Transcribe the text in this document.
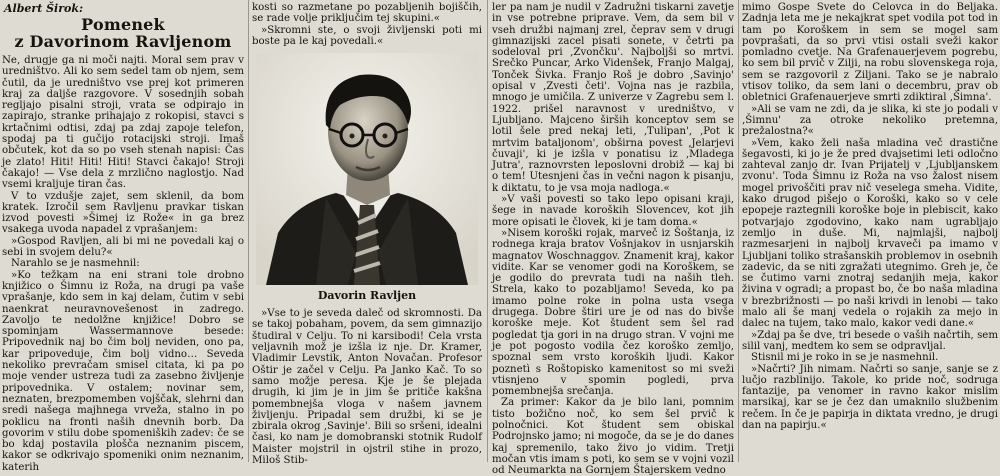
Albert Širok:
Pomenek
z Davorinom Ravljenom

Ne, drugje ga ni moči najti. Moral sem prav v uredništvo. Ali ko sem sedel tam ob njem, sem čutil, da je uredništvo vse prej kot primeren kraj za daljše razgovore. V sosednjih sobah regljajo pisalni stroji, vrata se odpirajo in zapirajo, stranke prihajajo z rokopisi, stavci s krtačnimi odtisi, zdaj pa zdaj zapoje telefon, spodaj pa ti gučijo rotacijski stroji. Imaš občutek, kot da so po vseh stenah napisi: Čas je zlato! Hiti! Hiti! Hiti! Stavci čakajo! Stroji čakajo! — Vse dela z mrzlično naglostjo. Nad vsemi kraljuje tiran čas.

V to vzdušje zajet, sem sklenil, da bom kratek. Izročil sem Ravljenu pravkar tiskan izvod povesti »Šimej iz Rože« in ga brez vsakega uvoda napadel z vprašanjem:

»Gospod Ravljen, ali bi mi ne povedali kaj o sebi in svojem delu?«

Narahlo se je nasmehnil:

»Ko težkam na eni strani tole drobno knjižico o Šimnu iz Roža, na drugi pa vaše vprašanje, kdo sem in kaj delam, čutim v sebi naenkrat neuravnovešenost in zadrego. Zavoljo te nedolžne knjižice! Dobro se spominjam Wassermannove besede: Pripovednik naj bo čim bolj neviden, ono pa, kar pripoveduje, čim bolj vidno… Seveda nekoliko prevračam smisel citata, ki pa po moje vender ustreza tudi za zasebno življenje pripovednika. V ostalem; novinar sem, neznaten, brezpomemben vojščak, slehrni dan sredi našega majhnega vrveža, stalno in po poklicu na fronti naših dnevnih borb. Da govorim v stilu dobe spomeniških zadev: če se bo kdaj postavila plošča neznanim piscem, kakor se odkrivajo spomeniki onim neznanim, katerih

kosti so razmetane po pozabljenih bojiščih, se rade volje priključim tej skupini.«

»Skromni ste, o svoji življenski poti mi boste pa le kaj povedali.«

Davorin Ravljen

»Vse to je seveda daleč od skromnosti. Da se takoj pobaham, povem, da sem gimnazijo študiral v Celju. To ni karsibodi! Cela vrsta veljavnih mož je izšla iz nje. Dr. Kramer, Vladimir Levstik, Anton Novačan. Profesor Oštir je začel v Celju. Pa Janko Kač. To so samo možje peresa. Kje je še plejada drugih, ki jim je in jim še pritiče kakšna pomembnejša vloga v našem javnem življenju. Pripadal sem družbi, ki se je zbirala okrog ‚Savinje'. Bili so sršeni, idealni časi, ko nam je domobranski stotnik Rudolf Maister mojstril in ojstril stihe in prozo, Miloš Stib-

ler pa nam je nudil v Zadružni tiskarni zavetje in vse potrebne priprave. Vem, da sem bil v vseh družbi najmanj zrel, čeprav sem v drugi gimnazijski zacel pisati sonete, v četrti pa sodeloval pri ‚Zvončku'. Najboljši so mrtvi. Srečko Puncar, Arko Videnšek, Franjo Malgaj, Tonček Šivka. Franjo Roš je dobro ‚Savinjo' opisal v ‚Zvesti četi'. Vojna nas je razbila, mnogo je umičila. Z univerze v Zagrebu sem l. 1922. prišel naravnost v uredništvo, v Ljubljano. Majceno širših konceptov sem se lotil šele pred nekaj leti, ‚Tulipan', ‚Pot k mrtvim bataljonom', obširna povest ‚Jelarjevi čuvaji', ki je izšla v ponatisu iz ‚Mladega Jutra', raznovrsten leposlovni drobiž — kaj bi o tem! Utesnjeni čas in večni nagon k pisanju, k diktatu, to je vsa moja nadloga.«

»V vaši povesti so tako lepo opisani kraji, šege in navade koroških Slovencev, kot jih more opisati le človek, ki je tam doma.«

»Nisem koroški rojak, marveč iz Šoštanja, iz rodnega kraja bratov Vošnjakov in usnjarskih magnatov Woschnaggov. Znamenit kraj, kakor vidite. Kar se venomer godi na Koroškem, se je godilo do prevrata tudi na naših tleh. Strela, kako to pozabljamo! Seveda, ko pa imamo polne roke in polna usta vsega drugega. Dobre štiri ure je od nas do bivše koroške meje. Kot študent sem šel rad pogledat tja gori in na drugo stran. V vojni me je pot pogosto vodila čez koroško zemljo, spoznal sem vrsto koroških ljudi. Kakor poznetì s Roštopisko kamenitost so mi sveži vtisnjeno v spomin pogledi, prva pomembnejša srečanja.

Za primer: Kakor da je bilo lani, pomnim tisto božično noč, ko sem šel prvič k polnočnici. Kot študent sem obiskal Podrojnsko jamo; ni mogoče, da se je do danes kaj spremenilo, tako živo jo vidim. Tretji močan vtis imam s poti, ko sem se v vojni vozil od Neumarkta na Gornjem Štajerskem vedno

mimo Gospe Svete do Celovca in do Beljaka. Zadnja leta me je nekajkrat spet vodila pot tod in tam po Koroškem in sem se mogel sam povprašati, da so prvi vtisi ostali sveži kakor pomladno cvetje. Na Grafenauerjevem pogrebu, ko sem bil prvič v Zilji, na robu slovenskega roja, sem se razgovoril z Ziljani. Tako se je nabralo vtisov toliko, da sem lani o decembru, prav ob obletnici Grafenauerjeve smrti zdiktiral ‚Šimna'.

»Ali se vam ne zdi, da je slika, ki ste jo podali v ‚Šimnu' za otroke nekoliko pretemna, prežalostna?«

»Vem, kako želi naša mladina več drastične šegavosti, ki jo je že pred dvajsetimi leti odločno zahteval zanjo dr. Ivan Prijatelj v ‚Ljubljanskem zvonu'. Toda Šimnu iz Roža na vso žalost nisem mogel privoščiti prav nič veselega smeha. Vidite, kako drugod pišejo o Koroški, kako so v cele epopeje raztegnili koroške boje in plebiscit, kako potvarjajo zgodovino, kako nam ugrabljajo zemljo in duše. Mi, najmlajši, najbolj razmesarjeni in najbolj krvaveči pa imamo v Ljubljani toliko strašanskih problemov in osebnih zadevic, da se niti zgražati utegnimo. Greh je, če se čutimo varni znotraj sedanjih meja, kakor živina v ogradi; a propast bo, če bo naša mladina v brezbrižnosti — po naši krivdi in lenobi — tako malo ali še manj vedela o rojakih za mejo in dalec na tujem, tako malo, kakor vedi dane.«

»Zdaj pa še dve, tri besede o vaših načrtih, sem silil vanj, medtem ko sem se odpravljal.

Stisnil mi je roko in se je nasmehnil.

»Načrti? Jih nimam. Načrti so sanje, sanje se z lučjo razblinijo. Takole, ko pride noč, sodruga fantazije, pa venomer in ravno kakor mislim marsikaj, kar se je čez dan umaknilo službenim rečem. In če je papirja in diktata vredno, je drugi dan na papirju.«
